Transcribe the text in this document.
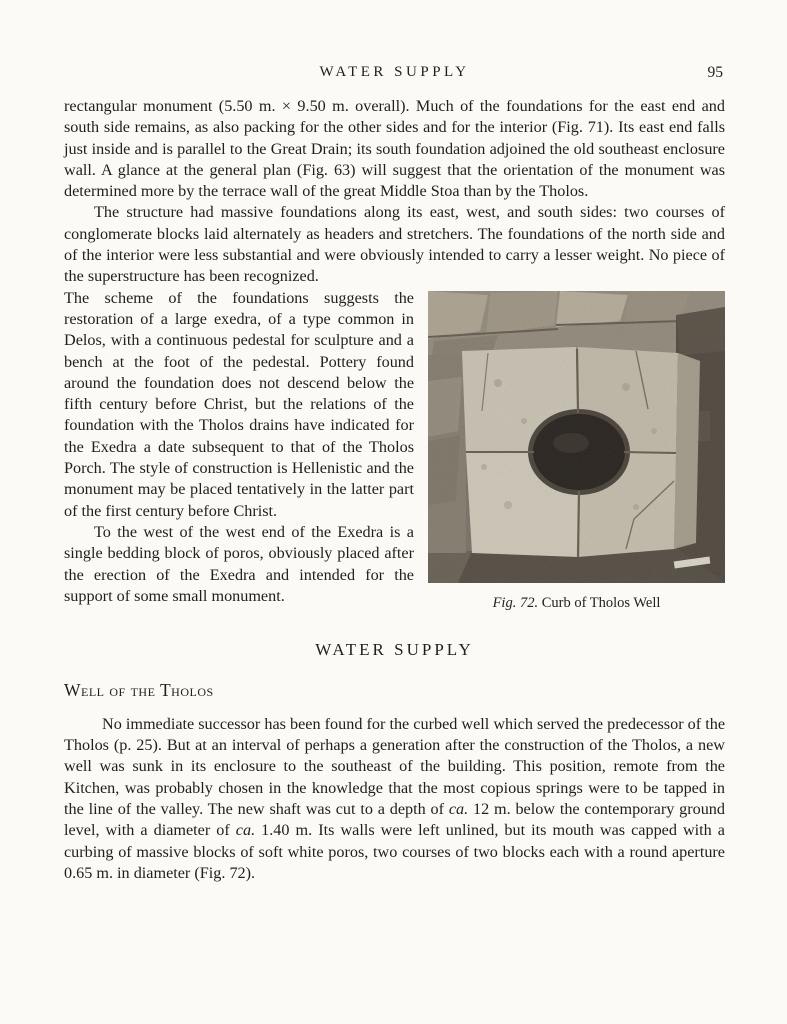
WATER SUPPLY	95

rectangular monument (5.50 m. × 9.50 m. overall). Much of the foundations for the east end and south side remains, as also packing for the other sides and for the interior (Fig. 71). Its east end falls just inside and is parallel to the Great Drain; its south foundation adjoined the old southeast enclosure wall. A glance at the general plan (Fig. 63) will suggest that the orientation of the monument was determined more by the terrace wall of the great Middle Stoa than by the Tholos.

The structure had massive foundations along its east, west, and south sides: two courses of conglomerate blocks laid alternately as headers and stretchers. The foundations of the north side and of the interior were less substantial and were obviously intended to carry a lesser weight. No piece of the superstructure has been recognized.

Fig. 72. Curb of Tholos Well
The scheme of the foundations suggests the restoration of a large exedra, of a type common in Delos, with a continuous pedestal for sculpture and a bench at the foot of the pedestal. Pottery found around the foundation does not descend below the fifth century before Christ, but the relations of the foundation with the Tholos drains have indicated for the Exedra a date subsequent to that of the Tholos Porch. The style of construction is Hellenistic and the monument may be placed tentatively in the latter part of the first century before Christ.

To the west of the west end of the Exedra is a single bedding block of poros, obviously placed after the erection of the Exedra and intended for the support of some small monument.

WATER SUPPLY
Well of the Tholos

No immediate successor has been found for the curbed well which served the predecessor of the Tholos (p. 25). But at an interval of perhaps a generation after the construction of the Tholos, a new well was sunk in its enclosure to the southeast of the building. This position, remote from the Kitchen, was probably chosen in the knowledge that the most copious springs were to be tapped in the line of the valley. The new shaft was cut to a depth of ca. 12 m. below the contemporary ground level, with a diameter of ca. 1.40 m. Its walls were left unlined, but its mouth was capped with a curbing of massive blocks of soft white poros, two courses of two blocks each with a round aperture 0.65 m. in diameter (Fig. 72).
